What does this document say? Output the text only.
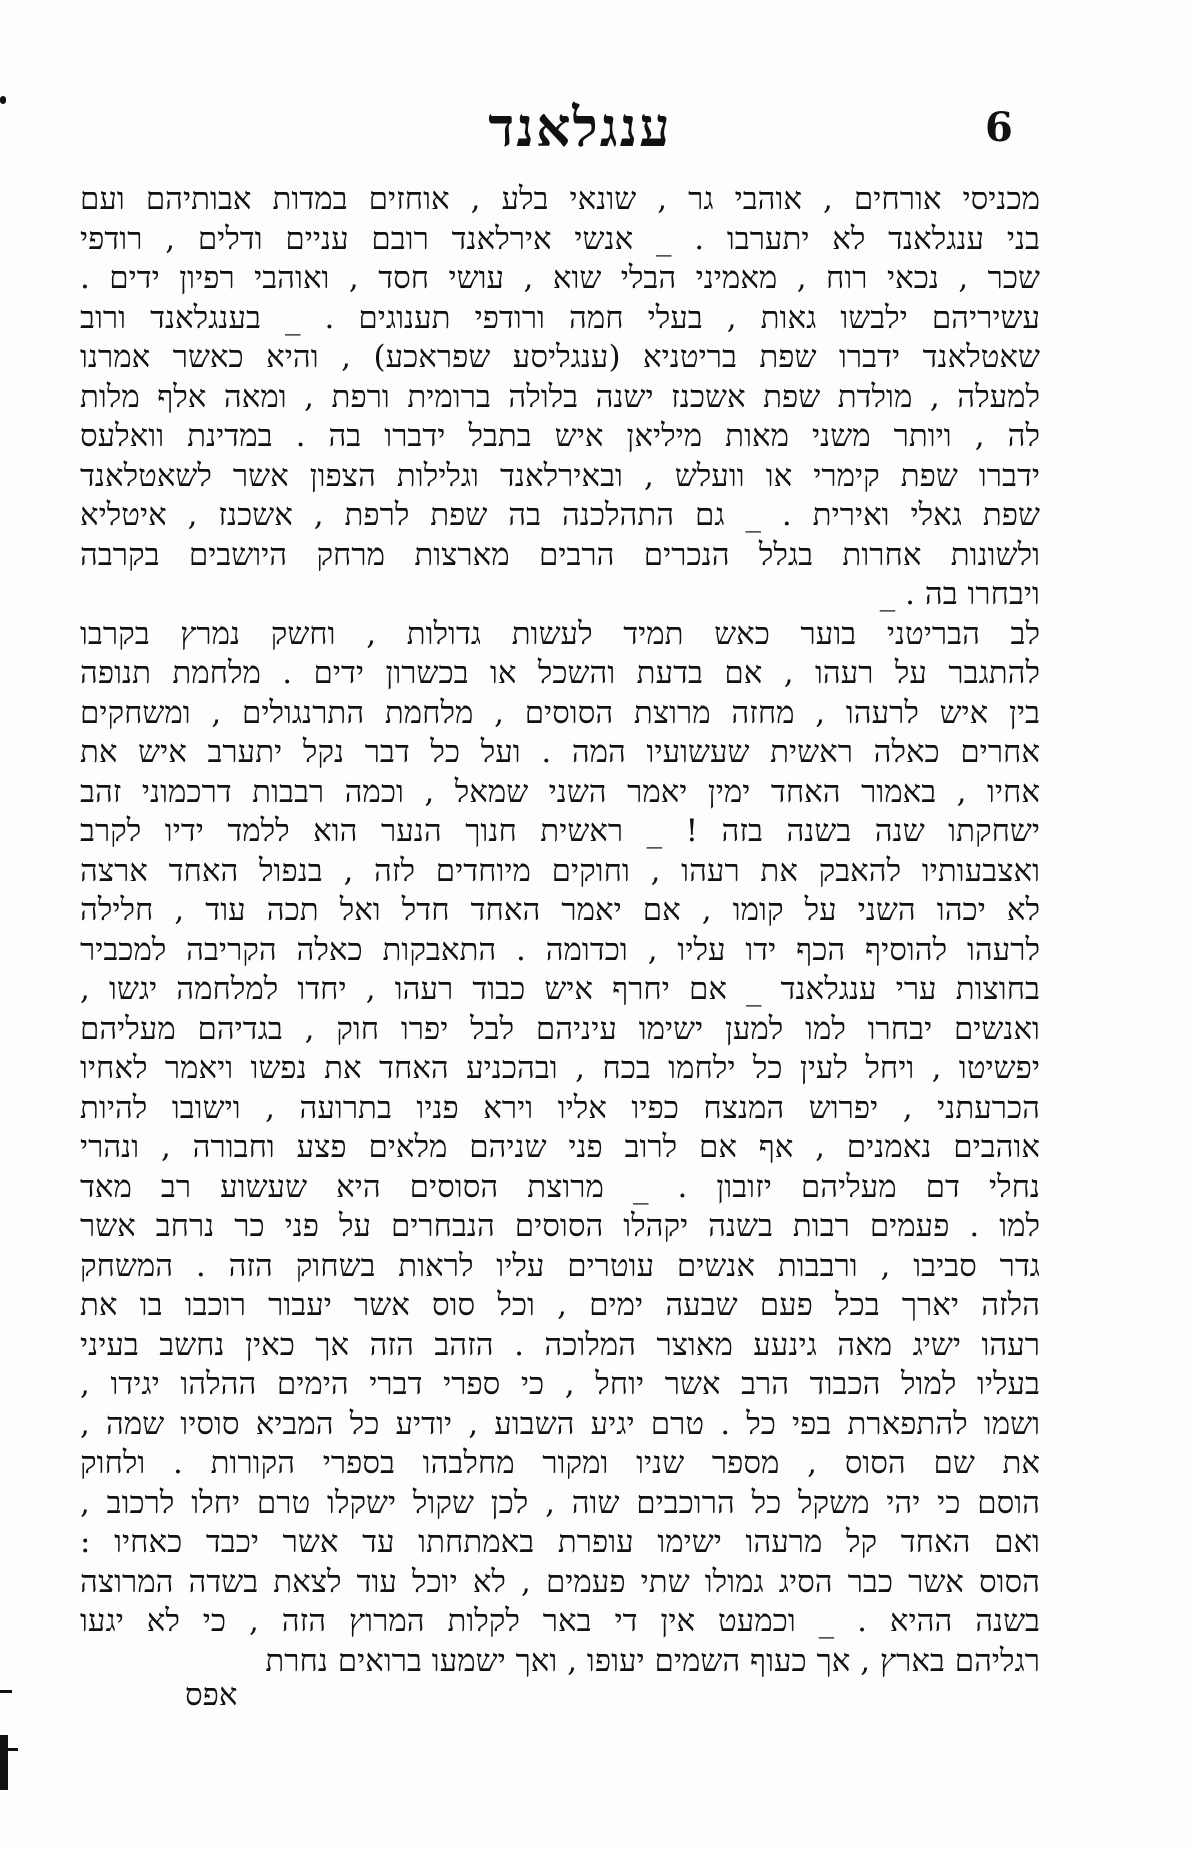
6
ענגלאנד
מכניסי אורחים , אוהבי גר , שונאי בלע , אוחזים במדות אבותיהם ועם
בני ענגלאנד לא יתערבו . _ אנשי אירלאנד רובם עניים ודלים , רודפי
שכר , נכאי רוח , מאמיני הבלי שוא , עושי חסד , ואוהבי רפיון ידים .
עשיריהם ילבשו גאות , בעלי חמה ורודפי תענוגים . _ בענגלאנד ורוב
שאטלאנד ידברו שפת בריטניא (ענגליסע שפראכע) , והיא כאשר אמרנו
למעלה , מולדת שפת אשכנז ישנה בלולה ברומית ורפת , ומאה אלף מלות
לה , ויותר משני מאות מיליאן איש בתבל ידברו בה . במדינת וואלעס
ידברו שפת קימרי או וועלש , ובאירלאנד וגלילות הצפון אשר לשאטלאנד
שפת גאלי ואירית . _ גם התהלכנה בה שפת לרפת , אשכנז , איטליא
ולשונות אחרות בגלל הנכרים הרבים מארצות מרחק היושבים בקרבה
ויבחרו בה . _
לב הבריטני בוער כאש תמיד לעשות גדולות , וחשק נמרץ בקרבו
להתגבר על רעהו , אם בדעת והשכל או בכשרון ידים . מלחמת תנופה
בין איש לרעהו , מחזה מרוצת הסוסים , מלחמת התרנגולים , ומשחקים
אחרים כאלה ראשית שעשועיו המה . ועל כל דבר נקל יתערב איש את
אחיו , באמור האחד ימין יאמר השני שמאל , וכמה רבבות דרכמוני זהב
ישחקתו שנה בשנה בזה ! _ ראשית חנוך הנער הוא ללמד ידיו לקרב
ואצבעותיו להאבק את רעהו , וחוקים מיוחדים לזה , בנפול האחד ארצה
לא יכהו השני על קומו , אם יאמר האחד חדל ואל תכה עוד , חלילה
לרעהו להוסיף הכף ידו עליו , וכדומה . התאבקות כאלה הקריבה למכביר
בחוצות ערי ענגלאנד _ אם יחרף איש כבוד רעהו , יחדו למלחמה יגשו ,
ואנשים יבחרו למו למען ישימו עיניהם לבל יפרו חוק , בגדיהם מעליהם
יפשיטו , ויחל לעין כל ילחמו בכח , ובהכניע האחד את נפשו ויאמר לאחיו
הכרעתני , יפרוש המנצח כפיו אליו וירא פניו בתרועה , וישובו להיות
אוהבים נאמנים , אף אם לרוב פני שניהם מלאים פצע וחבורה , ונהרי
נחלי דם מעליהם יזובון . _ מרוצת הסוסים היא שעשוע רב מאד
למו . פעמים רבות בשנה יקהלו הסוסים הנבחרים על פני כר נרחב אשר
גדר סביבו , ורבבות אנשים עוטרים עליו לראות בשחוק הזה . המשחק
הלזה יארך בכל פעם שבעה ימים , וכל סוס אשר יעבור רוכבו בו את
רעהו ישיג מאה גינעע מאוצר המלוכה . הזהב הזה אך כאין נחשב בעיני
בעליו למול הכבוד הרב אשר יוחל , כי ספרי דברי הימים ההלהו יגידו ,
ושמו להתפארת בפי כל . טרם יגיע השבוע , יודיע כל המביא סוסיו שמה ,
את שם הסוס , מספר שניו ומקור מחלבהו בספרי הקורות . ולחוק
הוסם כי יהי משקל כל הרוכבים שוה , לכן שקול ישקלו טרם יחלו לרכוב ,
ואם האחד קל מרעהו ישימו עופרת באמתחתו עד אשר יכבד כאחיו :
הסוס אשר כבר הסיג גמולו שתי פעמים , לא יוכל עוד לצאת בשדה המרוצה
בשנה ההיא . _ וכמעט אין די באר לקלות המרוץ הזה , כי לא יגעו
רגליהם בארץ , אך כעוף השמים יעופו , ואך ישמעו ברואים נחרת
אפס
